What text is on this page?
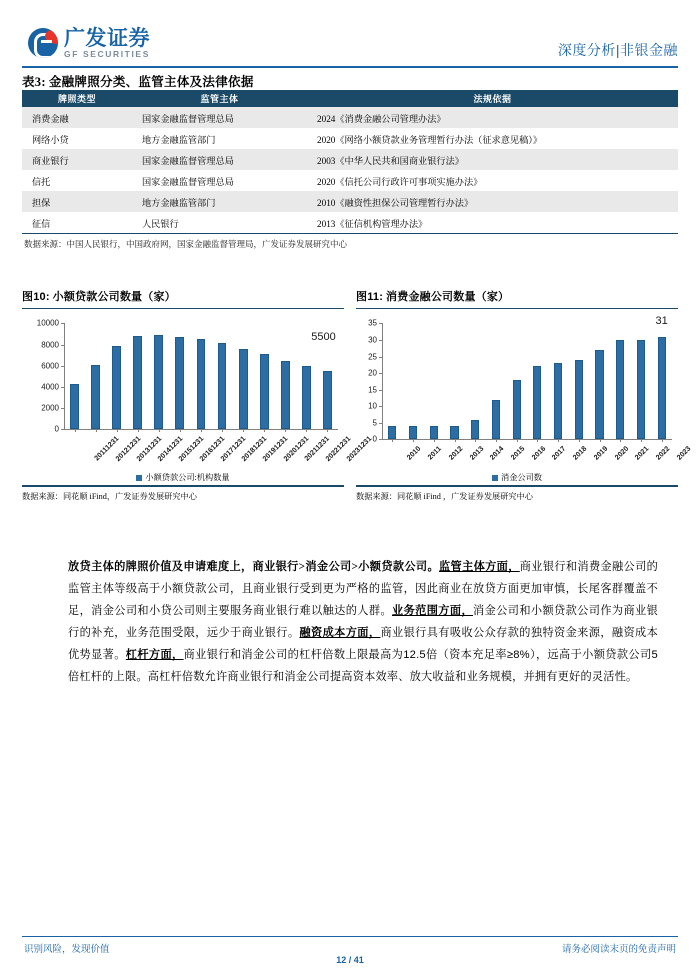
广发证券
GF SECURITIES	深度分析|非银金融
表3: 金融牌照分类、监管主体及法律依据
牌照类型	监管主体	法规依据
消费金融	国家金融监督管理总局	2024《消费金融公司管理办法》
网络小贷	地方金融监管部门	2020《网络小额贷款业务管理暂行办法（征求意见稿）》
商业银行	国家金融监督管理总局	2003《中华人民共和国商业银行法》
信托	国家金融监督管理总局	2020《信托公司行政许可事项实施办法》
担保	地方金融监管部门	2010《融资性担保公司管理暂行办法》
征信	人民银行	2013《征信机构管理办法》
数据来源：中国人民银行，中国政府网，国家金融监督管理局，广发证券发展研究中心
图10: 小额贷款公司数量（家）
0
2000
4000
6000
8000
10000
20111231
20121231
20131231
20141231
20151231
20161231
20171231
20181231
20191231
20201231
20211231
20221231
20231231
5500
小额贷款公司:机构数量
数据来源：同花顺 iFind，广发证券发展研究中心
图11: 消费金融公司数量（家）
0
5
10
15
20
25
30
35
2010 2011 2012 2013 2014 2015 2016 2017 2018 2019 2020 2021 2022 2023
31
消金公司数
数据来源：同花顺 iFind ，广发证券发展研究中心
放贷主体的牌照价值及申请难度上，商业银行>消金公司>小额贷款公司。监管主体方面，商业银行和消费金融公司的监管主体等级高于小额贷款公司，且商业银行受到更为严格的监管，因此商业在放贷方面更加审慎，长尾客群覆盖不足，消金公司和小贷公司则主要服务商业银行难以触达的人群。业务范围方面，消金公司和小额贷款公司作为商业银行的补充，业务范围受限，远少于商业银行。融资成本方面，商业银行具有吸收公众存款的独特资金来源，融资成本优势显著。杠杆方面，商业银行和消金公司的杠杆倍数上限最高为12.5倍（资本充足率≥8%），远高于小额贷款公司5倍杠杆的上限。高杠杆倍数允许商业银行和消金公司提高资本效率、放大收益和业务规模，并拥有更好的灵活性。
识别风险，发现价值	请务必阅读末页的免责声明
12 / 41
